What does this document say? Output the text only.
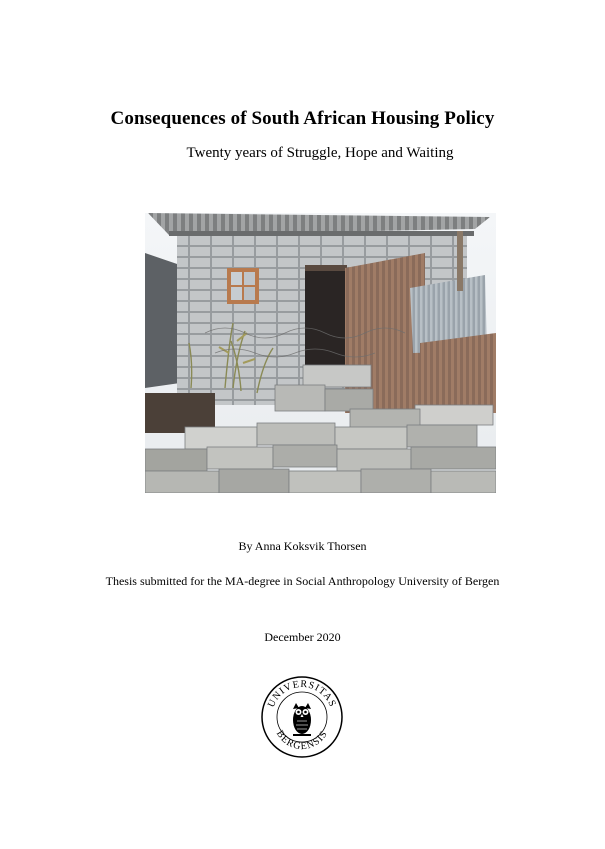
Consequences of South African Housing Policy
Twenty years of Struggle, Hope and Waiting
By Anna Koksvik Thorsen
Thesis submitted for the MA-degree in Social Anthropology University of Bergen
December 2020
UNIVERSITAS
BERGENSIS
